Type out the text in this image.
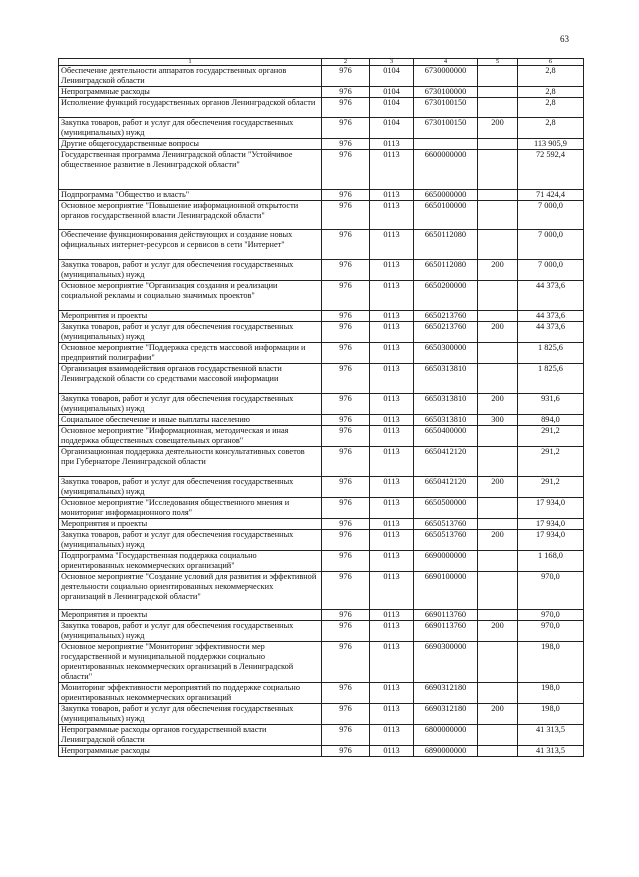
63
1	2	3	4	5	6
Обеспечение деятельности аппаратов государственных органов Ленинградской области	976	0104	6730000000		2,8
Непрограммные расходы	976	0104	6730100000		2,8
Исполнение функций государственных органов Ленинградской области	976	0104	6730100150		2,8
Закупка товаров, работ и услуг для обеспечения государственных (муниципальных) нужд	976	0104	6730100150	200	2,8
Другие общегосударственные вопросы	976	0113			113 905,9
Государственная программа Ленинградской области "Устойчивое общественное развитие в Ленинградской области"	976	0113	6600000000		72 592,4
Подпрограмма "Общество и власть"	976	0113	6650000000		71 424,4
Основное мероприятие "Повышение информационной открытости органов государственной власти Ленинградской области"	976	0113	6650100000		7 000,0
Обеспечение функционирования действующих и создание новых официальных интернет-ресурсов и сервисов в сети "Интернет"	976	0113	6650112080		7 000,0
Закупка товаров, работ и услуг для обеспечения государственных (муниципальных) нужд	976	0113	6650112080	200	7 000,0
Основное мероприятие "Организация создания и реализации социальной рекламы и социально значимых проектов"	976	0113	6650200000		44 373,6
Мероприятия и проекты	976	0113	6650213760		44 373,6
Закупка товаров, работ и услуг для обеспечения государственных (муниципальных) нужд	976	0113	6650213760	200	44 373,6
Основное мероприятие "Поддержка средств массовой информации и предприятий полиграфии"	976	0113	6650300000		1 825,6
Организация взаимодействия органов государственной власти Ленинградской области со средствами массовой информации	976	0113	6650313810		1 825,6
Закупка товаров, работ и услуг для обеспечения государственных (муниципальных) нужд	976	0113	6650313810	200	931,6
Социальное обеспечение и иные выплаты населению	976	0113	6650313810	300	894,0
Основное мероприятие "Информационная, методическая и иная поддержка общественных совещательных органов"	976	0113	6650400000		291,2
Организационная поддержка деятельности консультативных советов при Губернаторе Ленинградской области	976	0113	6650412120		291,2
Закупка товаров, работ и услуг для обеспечения государственных (муниципальных) нужд	976	0113	6650412120	200	291,2
Основное мероприятие "Исследования общественного мнения и мониторинг информационного поля"	976	0113	6650500000		17 934,0
Мероприятия и проекты	976	0113	6650513760		17 934,0
Закупка товаров, работ и услуг для обеспечения государственных (муниципальных) нужд	976	0113	6650513760	200	17 934,0
Подпрограмма "Государственная поддержка социально ориентированных некоммерческих организаций"	976	0113	6690000000		1 168,0
Основное мероприятие "Создание условий для развития и эффективной деятельности социально ориентированных некоммерческих организаций в Ленинградской области"	976	0113	6690100000		970,0
Мероприятия и проекты	976	0113	6690113760		970,0
Закупка товаров, работ и услуг для обеспечения государственных (муниципальных) нужд	976	0113	6690113760	200	970,0
Основное мероприятие "Мониторинг эффективности мер государственной и муниципальной поддержки социально ориентированных некоммерческих организаций в Ленинградской области"	976	0113	6690300000		198,0
Мониторинг эффективности мероприятий по поддержке социально ориентированных некоммерческих организаций	976	0113	6690312180		198,0
Закупка товаров, работ и услуг для обеспечения государственных (муниципальных) нужд	976	0113	6690312180	200	198,0
Непрограммные расходы органов государственной власти Ленинградской области	976	0113	6800000000		41 313,5
Непрограммные расходы	976	0113	6890000000		41 313,5
